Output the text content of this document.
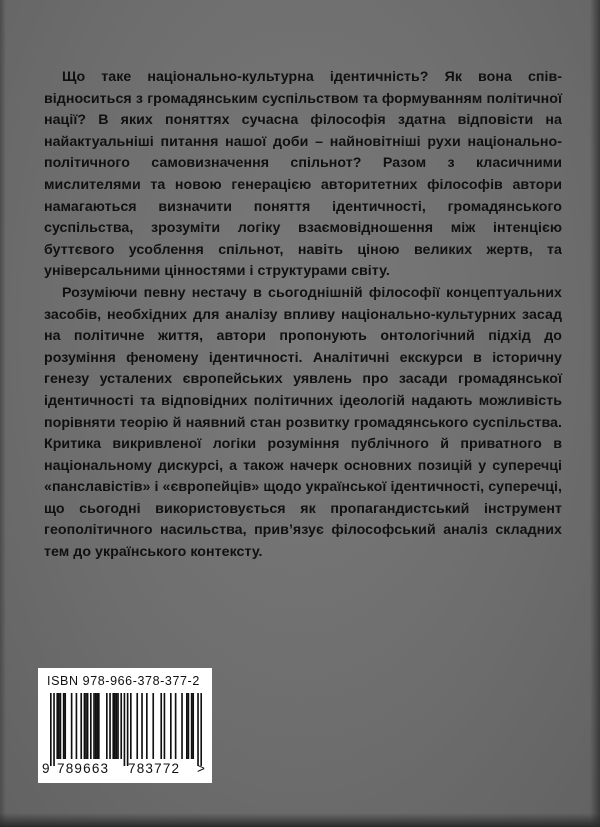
Що таке національно-культурна ідентичність? Як вона співвідноситься з громадянським суспільством та формуванням політичної нації? В яких поняттях сучасна філософія здатна відповісти на найактуальніші питання нашої доби – найновітніші рухи національно-політичного самовизначення спільнот? Разом з класичними мислителями та новою генерацією авторитетних філософів автори намагаються визначити поняття ідентичності, громадянського суспільства, зрозуміти логіку взаємовідношення між інтенцією буттєвого усоблення спільнот, навіть ціною великих жертв, та універсальними цінностями і структурами світу.

Розуміючи певну нестачу в сьогоднішній філософії концептуальних засобів, необхідних для аналізу впливу національно-культурних засад на політичне життя, автори пропонують онтологічний підхід до розуміння феномену ідентичності. Аналітичні екскурси в історичну генезу усталених європейських уявлень про засади громадянської ідентичності та відповідних політичних ідеологій надають можливість порівняти теорію й наявний стан розвитку громадянського суспільства. Критика викривленої логіки розуміння публічного й приватного в національному дискурсі, а також начерк основних позицій у суперечці «панславістів» і «європейців» щодо української ідентичності, суперечці, що сьогодні використовується як пропагандистський інструмент геополітичного насильства, прив’язує філософський аналіз складних тем до українського контексту.

ISBN 978-966-378-377-2
9 789663 783772 >
